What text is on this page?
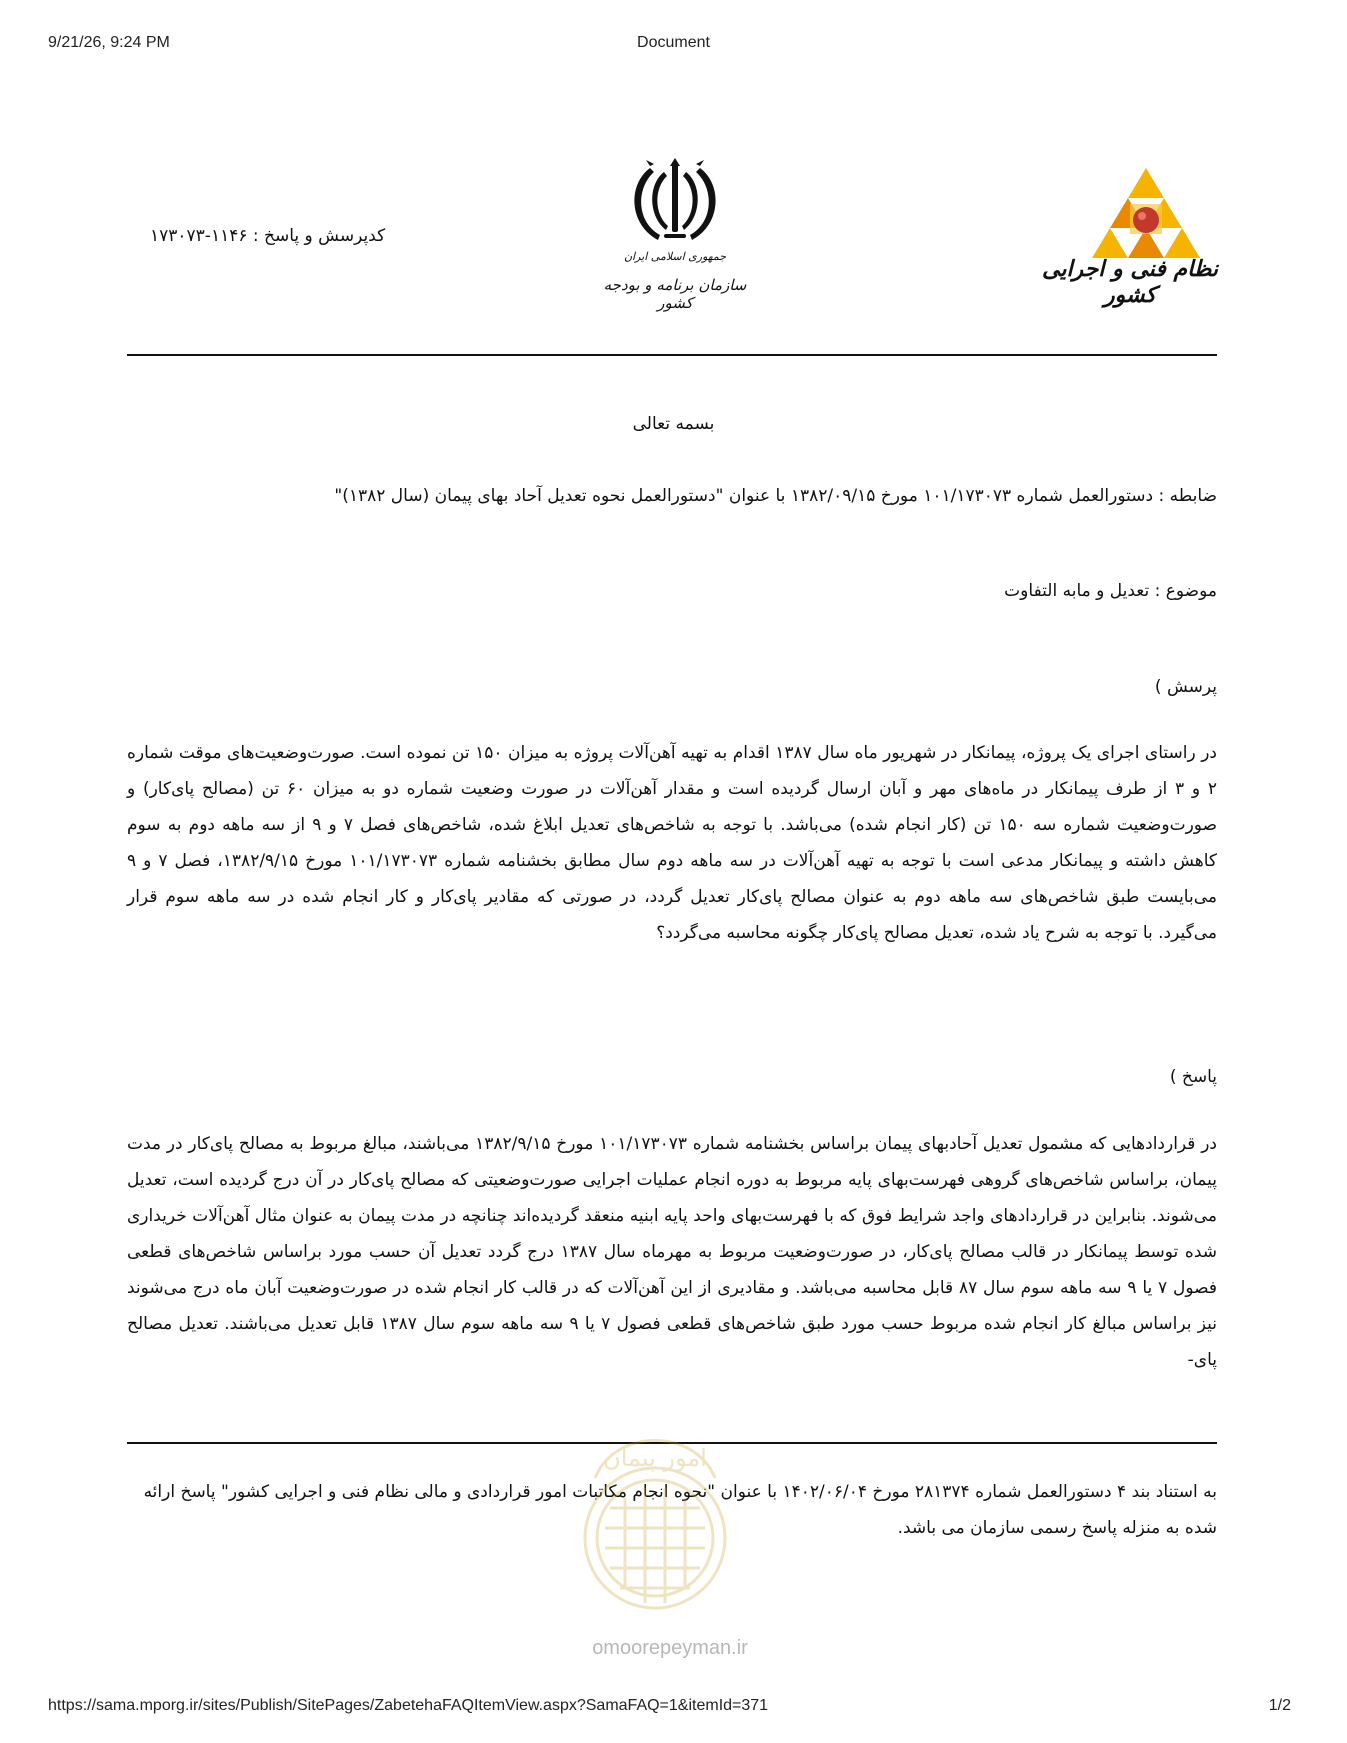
9/21/26, 9:24 PM	Document
کدپرسش و پاسخ : ۱۱۴۶-۱۷۳۰۷۳
جمهوری اسلامی ایران
سازمان برنامه و بودجه کشور
نظام فنی و اجرایی کشور
بسمه تعالی
ضابطه : دستورالعمل شماره ۱۰۱/۱۷۳۰۷۳ مورخ ۱۳۸۲/۰۹/۱۵ با عنوان "دستورالعمل نحوه تعدیل آحاد بهای پیمان (سال ۱۳۸۲)"
موضوع : تعدیل و مابه التفاوت
پرسش )
در راستای اجرای یک پروژه، پیمانکار در شهریور ماه سال ۱۳۸۷ اقدام به تهیه آهن‌آلات پروژه به میزان ۱۵۰ تن نموده است. صورت‌وضعیت‌های موقت شماره ۲ و ۳ از طرف پیمانکار در ماه‌های مهر و آبان ارسال گردیده است و مقدار آهن‌آلات در صورت وضعیت شماره دو به میزان ۶۰ تن (مصالح پای‌کار) و صورت‌وضعیت شماره سه ۱۵۰ تن (کار انجام شده) می‌باشد. با توجه به شاخص‌های تعدیل ابلاغ شده، شاخص‌های فصل ۷ و ۹ از سه ماهه دوم به سوم کاهش داشته و پیمانکار مدعی است با توجه به تهیه آهن‌آلات در سه ماهه دوم سال مطابق بخشنامه شماره ۱۰۱/۱۷۳۰۷۳ مورخ ۱۳۸۲/۹/۱۵، فصل ۷ و ۹ می‌بایست طبق شاخص‌های سه ماهه دوم به عنوان مصالح پای‌کار تعدیل گردد، در صورتی که مقادیر پای‌کار و کار انجام شده در سه ماهه سوم قرار می‌گیرد. با توجه به شرح یاد شده، تعدیل مصالح پای‌کار چگونه محاسبه می‌گردد؟
پاسخ )
در قراردادهایی که مشمول تعدیل آحادبهای پیمان براساس بخشنامه شماره ۱۰۱/۱۷۳۰۷۳ مورخ ۱۳۸۲/۹/۱۵ می‌باشند، مبالغ مربوط به مصالح پای‌کار در مدت پیمان، براساس شاخص‌های گروهی فهرست‌بهای پایه مربوط به دوره انجام عملیات اجرایی صورت‌وضعیتی که مصالح پای‌کار در آن درج گردیده است، تعدیل می‌شوند. بنابراین در قراردادهای واجد شرایط فوق که با فهرست‌بهای واحد پایه ابنیه منعقد گردیده‌اند چنانچه در مدت پیمان به عنوان مثال آهن‌آلات خریداری شده توسط پیمانکار در قالب مصالح پای‌کار، در صورت‌وضعیت مربوط به مهرماه سال ۱۳۸۷ درج گردد تعدیل آن حسب مورد براساس شاخص‌های قطعی فصول ۷ یا ۹ سه ماهه سوم سال ۸۷ قابل محاسبه می‌باشد. و مقادیری از این آهن‌آلات که در قالب کار انجام شده در صورت‌وضعیت آبان ماه درج می‌شوند نیز براساس مبالغ کار انجام شده مربوط حسب مورد طبق شاخص‌های قطعی فصول ۷ یا ۹ سه ماهه سوم سال ۱۳۸۷ قابل تعدیل می‌باشند. تعدیل مصالح پای-
به استناد بند ۴ دستورالعمل شماره ۲۸۱۳۷۴ مورخ ۱۴۰۲/۰۶/۰۴ با عنوان "نحوه انجام مکاتبات امور قراردادی و مالی نظام فنی و اجرایی کشور" پاسخ ارائه شده به منزله پاسخ رسمی سازمان می باشد.
امور پیمان
omoorepeyman.ir
https://sama.mporg.ir/sites/Publish/SitePages/ZabetehaFAQItemView.aspx?SamaFAQ=1&itemId=371	1/2
